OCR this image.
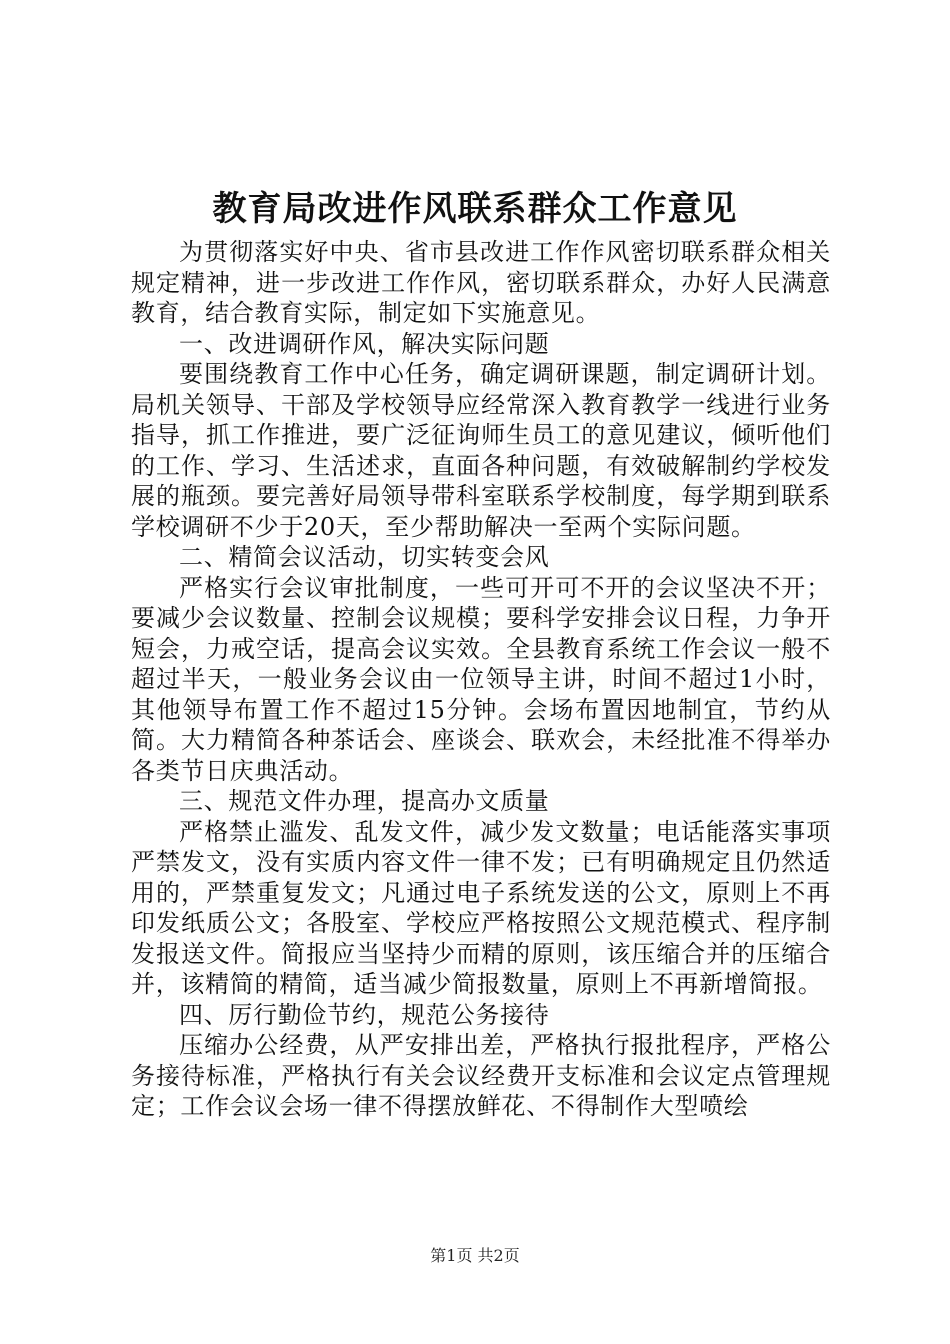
教育局改进作风联系群众工作意见

为贯彻落实好中央、省市县改进工作作风密切联系群众相关规定精神，进一步改进工作作风，密切联系群众，办好人民满意教育，结合教育实际，制定如下实施意见。

一、改进调研作风，解决实际问题

要围绕教育工作中心任务，确定调研课题，制定调研计划。局机关领导、干部及学校领导应经常深入教育教学一线进行业务指导，抓工作推进，要广泛征询师生员工的意见建议，倾听他们的工作、学习、生活述求，直面各种问题，有效破解制约学校发展的瓶颈。要完善好局领导带科室联系学校制度，每学期到联系学校调研不少于20天，至少帮助解决一至两个实际问题。

二、精简会议活动，切实转变会风

严格实行会议审批制度，一些可开可不开的会议坚决不开；要减少会议数量、控制会议规模；要科学安排会议日程，力争开短会，力戒空话，提高会议实效。全县教育系统工作会议一般不超过半天，一般业务会议由一位领导主讲，时间不超过1小时，其他领导布置工作不超过15分钟。会场布置因地制宜，节约从简。大力精简各种茶话会、座谈会、联欢会，未经批准不得举办各类节日庆典活动。

三、规范文件办理，提高办文质量

严格禁止滥发、乱发文件，减少发文数量；电话能落实事项严禁发文，没有实质内容文件一律不发；已有明确规定且仍然适用的，严禁重复发文；凡通过电子系统发送的公文，原则上不再印发纸质公文；各股室、学校应严格按照公文规范模式、程序制发报送文件。简报应当坚持少而精的原则，该压缩合并的压缩合并，该精简的精简，适当减少简报数量，原则上不再新增简报。

四、厉行勤俭节约，规范公务接待

压缩办公经费，从严安排出差，严格执行报批程序，严格公务接待标准，严格执行有关会议经费开支标准和会议定点管理规定；工作会议会场一律不得摆放鲜花、不得制作大型喷绘

第1页 共2页
